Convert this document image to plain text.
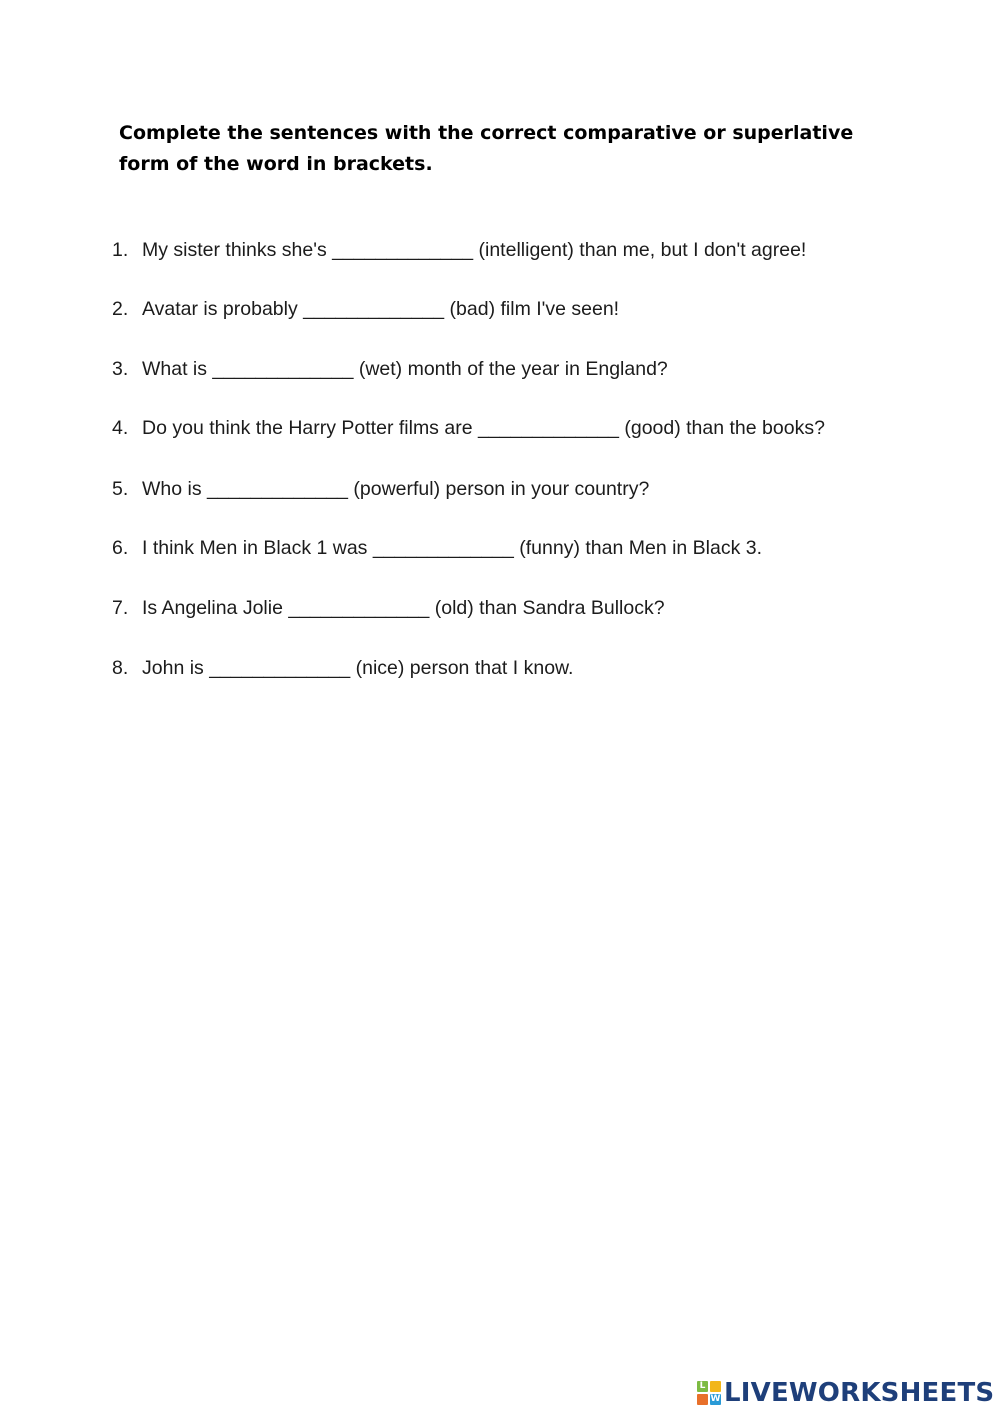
Complete the sentences with the correct comparative or superlative form of the word in brackets.
1. My sister thinks she's _____________ (intelligent) than me, but I don't agree!
2. Avatar is probably _____________ (bad) film I've seen!
3. What is _____________ (wet) month of the year in England?
4. Do you think the Harry Potter films are _____________ (good) than the books?
5. Who is _____________ (powerful) person in your country?
6. I think Men in Black 1 was _____________ (funny) than Men in Black 3.
7. Is Angelina Jolie _____________ (old) than Sandra Bullock?
8. John is _____________ (nice) person that I know.
L
W LIVEWORKSHEETS
